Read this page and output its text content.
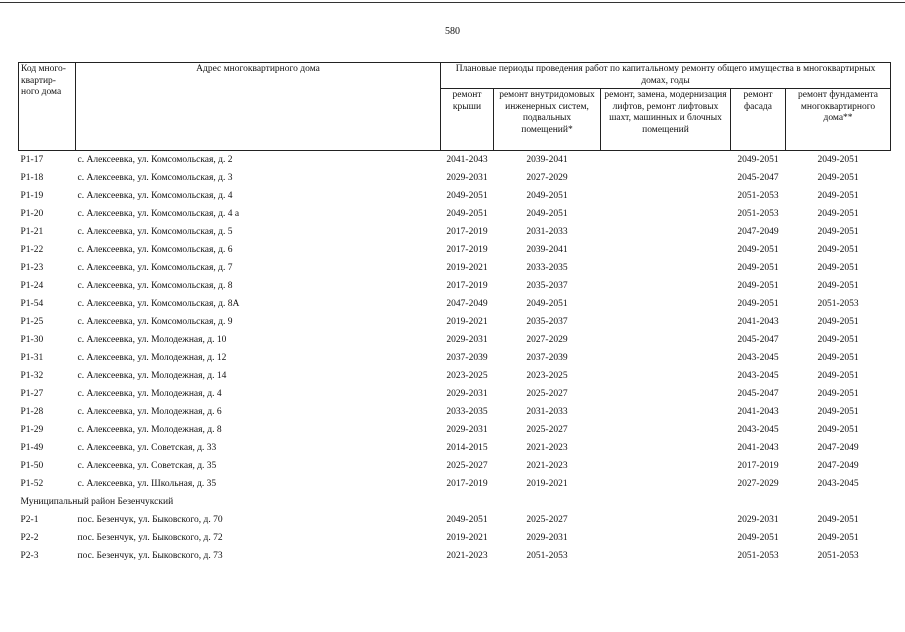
580
Код много-квартир-ного дома	Адрес многоквартирного дома	Плановые периоды проведения работ по капитальному ремонту общего имущества в многоквартирных домах, годы				
		ремонт крыши	ремонт внутридомовых инженерных систем, подвальных помещений*	ремонт, замена, модернизация лифтов, ремонт лифтовых шахт, машинных и блочных помещений	ремонт фасада	ремонт фундамента многоквартирного дома**
Р1-17	с. Алексеевка, ул. Комсомольская, д. 2	2041-2043	2039-2041		2049-2051	2049-2051
Р1-18	с. Алексеевка, ул. Комсомольская, д. 3	2029-2031	2027-2029		2045-2047	2049-2051
Р1-19	с. Алексеевка, ул. Комсомольская, д. 4	2049-2051	2049-2051		2051-2053	2049-2051
Р1-20	с. Алексеевка, ул. Комсомольская, д. 4 а	2049-2051	2049-2051		2051-2053	2049-2051
Р1-21	с. Алексеевка, ул. Комсомольская, д. 5	2017-2019	2031-2033		2047-2049	2049-2051
Р1-22	с. Алексеевка, ул. Комсомольская, д. 6	2017-2019	2039-2041		2049-2051	2049-2051
Р1-23	с. Алексеевка, ул. Комсомольская, д. 7	2019-2021	2033-2035		2049-2051	2049-2051
Р1-24	с. Алексеевка, ул. Комсомольская, д. 8	2017-2019	2035-2037		2049-2051	2049-2051
Р1-54	с. Алексеевка, ул. Комсомольская, д. 8А	2047-2049	2049-2051		2049-2051	2051-2053
Р1-25	с. Алексеевка, ул. Комсомольская, д. 9	2019-2021	2035-2037		2041-2043	2049-2051
Р1-30	с. Алексеевка, ул. Молодежная, д. 10	2029-2031	2027-2029		2045-2047	2049-2051
Р1-31	с. Алексеевка, ул. Молодежная, д. 12	2037-2039	2037-2039		2043-2045	2049-2051
Р1-32	с. Алексеевка, ул. Молодежная, д. 14	2023-2025	2023-2025		2043-2045	2049-2051
Р1-27	с. Алексеевка, ул. Молодежная, д. 4	2029-2031	2025-2027		2045-2047	2049-2051
Р1-28	с. Алексеевка, ул. Молодежная, д. 6	2033-2035	2031-2033		2041-2043	2049-2051
Р1-29	с. Алексеевка, ул. Молодежная, д. 8	2029-2031	2025-2027		2043-2045	2049-2051
Р1-49	с. Алексеевка, ул. Советская, д. 33	2014-2015	2021-2023		2041-2043	2047-2049
Р1-50	с. Алексеевка, ул. Советская, д. 35	2025-2027	2021-2023		2017-2019	2047-2049
Р1-52	с. Алексеевка, ул. Школьная, д. 35	2017-2019	2019-2021		2027-2029	2043-2045
Муниципальный район Безенчукский						
Р2-1	пос. Безенчук, ул. Быковского, д. 70	2049-2051	2025-2027		2029-2031	2049-2051
Р2-2	пос. Безенчук, ул. Быковского, д. 72	2019-2021	2029-2031		2049-2051	2049-2051
Р2-3	пос. Безенчук, ул. Быковского, д. 73	2021-2023	2051-2053		2051-2053	2051-2053
